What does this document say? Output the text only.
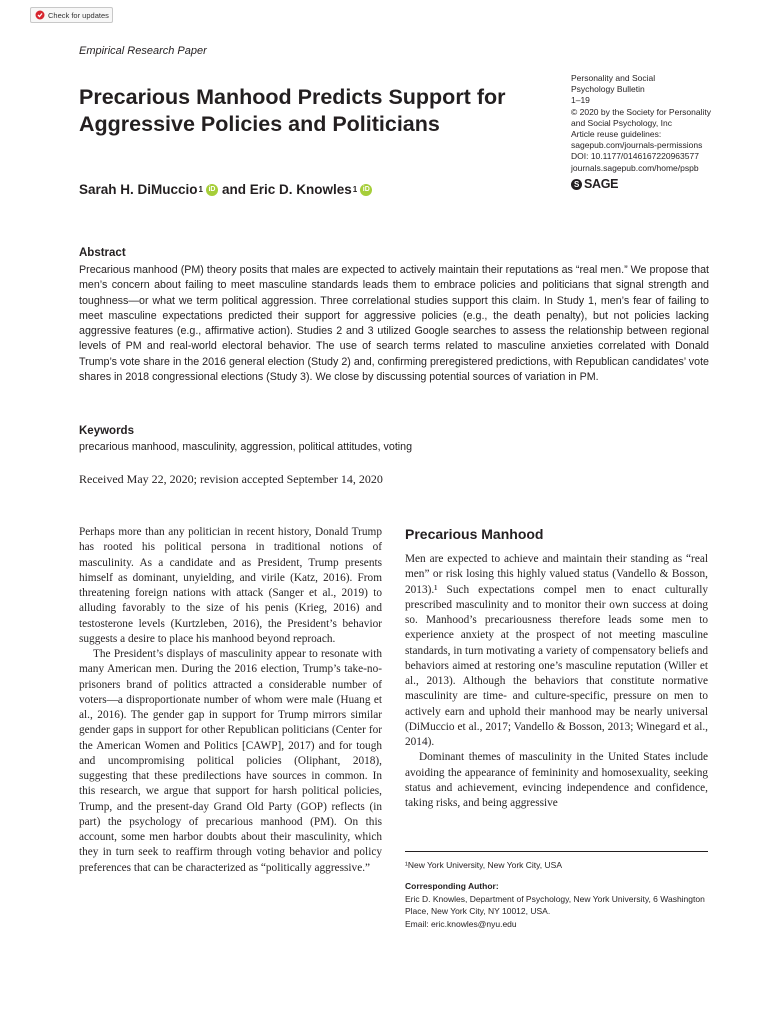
Check for updates
Empirical Research Paper
Precarious Manhood Predicts Support for Aggressive Policies and Politicians
Personality and Social
Psychology Bulletin
1–19
© 2020 by the Society for Personality
and Social Psychology, Inc
Article reuse guidelines:
sagepub.com/journals-permissions
DOI: 10.1177/0146167220963577
journals.sagepub.com/home/pspb
S SAGE
Sarah H. DiMuccio 1 iD and
Eric D. Knowles 1 iD
Abstract
Precarious manhood (PM) theory posits that males are expected to actively maintain their reputations as “real men.” We propose that men’s concern about failing to meet masculine standards leads them to embrace policies and politicians that signal strength and toughness—or what we term political aggression. Three correlational studies support this claim. In Study 1, men’s fear of failing to meet masculine expectations predicted their support for aggressive policies (e.g., the death penalty), but not policies lacking aggressive features (e.g., affirmative action). Studies 2 and 3 utilized Google searches to assess the relationship between regional levels of PM and real-world electoral behavior. The use of search terms related to masculine anxieties correlated with Donald Trump’s vote share in the 2016 general election (Study 2) and, confirming preregistered predictions, with Republican candidates’ vote shares in 2018 congressional elections (Study 3). We close by discussing potential sources of variation in PM.
Keywords
precarious manhood, masculinity, aggression, political attitudes, voting
Received May 22, 2020; revision accepted September 14, 2020

Perhaps more than any politician in recent history, Donald Trump has rooted his political persona in traditional notions of masculinity. As a candidate and as President, Trump presents himself as dominant, unyielding, and virile (Katz, 2016). From threatening foreign nations with attack (Sanger et al., 2019) to alluding favorably to the size of his penis (Krieg, 2016) and testosterone levels (Kurtzleben, 2016), the President’s behavior suggests a desire to place his manhood beyond reproach.

The President’s displays of masculinity appear to resonate with many American men. During the 2016 election, Trump’s take-no-prisoners brand of politics attracted a considerable number of voters—a disproportionate number of whom were male (Huang et al., 2016). The gender gap in support for Trump mirrors similar gender gaps in support for other Republican politicians (Center for the American Women and Politics [CAWP], 2017) and for tough and uncompromising political policies (Oliphant, 2018), suggesting that these predilections have sources in common. In this research, we argue that support for harsh political policies, Trump, and the present-day Grand Old Party (GOP) reflects (in part) the psychology of precarious manhood (PM). On this account, some men harbor doubts about their masculinity, which they in turn seek to reaffirm through voting behavior and policy preferences that can be characterized as “politically aggressive.”

Precarious Manhood

Men are expected to achieve and maintain their standing as “real men” or risk losing this highly valued status (Vandello & Bosson, 2013).¹ Such expectations compel men to enact culturally prescribed masculinity and to monitor their own success at doing so. Manhood’s precariousness therefore leads some men to experience anxiety at the prospect of not meeting masculine standards, in turn motivating a variety of compensatory beliefs and behaviors aimed at restoring one’s masculine reputation (Willer et al., 2013). Although the behaviors that constitute normative masculinity are time- and culture-specific, pressure on men to actively earn and uphold their manhood may be nearly universal (DiMuccio et al., 2017; Vandello & Bosson, 2013; Winegard et al., 2014).

Dominant themes of masculinity in the United States include avoiding the appearance of femininity and homosexuality, seeking status and achievement, evincing independence and confidence, taking risks, and being aggressive

¹New York University, New York City, USA
Corresponding Author:
Eric D. Knowles, Department of Psychology, New York University, 6 Washington Place, New York City, NY 10012, USA.
Email: eric.knowles@nyu.edu
